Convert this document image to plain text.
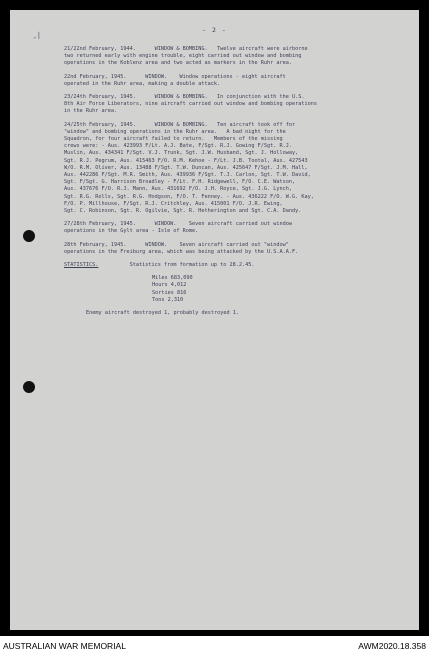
-/
- 2 -

21/22nd February, 1944.      WINDOW & BOMBING.   Twelve aircraft were airborne

two returned early with engine trouble, eight carried out window and bombing

operations in the Koblenz area and two acted as markers in the Ruhr area.

22nd February, 1945.      WINDOW.    Window operations - eight aircraft

operated in the Ruhr area, making a double attack.

23/24th February, 1945.      WINDOW & BOMBING.   In conjunction with the U.S.

8th Air Force Liberators, nine aircraft carried out window and bombing operations

in the Ruhr area.

24/25th February, 1945.      WINDOW & BOMBING.   Ten aircraft took off for

"window" and bombing operations in the Ruhr area.   A bad night for the

Squadron, for four aircraft failed to return.   Members of the missing

crews were: - Aus. 423993 F/Lt. A.J. Bate, F/Sgt. R.J. Gowing F/Sgt. R.J.

Muslin, Aus. 434341 F/Sgt. V.J. Trunk, Sgt. J.W. Husband, Sgt. J. Holloway,

Sgt. R.J. Pegrum, Aus. 415463 F/O. R.M. Kehoe - F/Lt. J.B. Tootal, Aus. 427543

W/O. R.M. Oliver, Aus. 13488 F/Sgt. T.W. Duncan, Aus. 425647 F/Sgt. J.M. Hall,

Aus. 442286 F/Sgt. M.R. Smith, Aus. 439936 F/Sgt. T.J. Carlon, Sgt. T.W. David,

Sgt. F/Sgt. G. Harrison Broadley - F/Lt. F.H. Ridgewell, F/O. C.E. Watson,

Aus. 437676 F/O. R.J. Mann, Aus. 431692 F/O. J.H. Royce, Sgt. J.G. Lynch,

Sgt. R.G. Rolls, Sgt. R.G. Hodgson, F/O. T. Fenney. - Aus. 436222 F/O. W.G. Kay,

F/O. P. Millhouse, F/Sgt. R.J. Critchley, Aus. 415001 F/O. J.R. Ewing,

Sgt. C. Robinson, Sgt. R. Ogilvie, Sgt. R. Hetherington and Sgt. C.A. Dandy.

27/28th February, 1945.      WINDOW.    Seven aircraft carried out window

operations in the Gylt area - Isle of Rome.

28th February, 1945.      WINDOW.    Seven aircraft carried out "window"

operations in the Freiburg area, which was being attacked by the U.S.A.A.F.

STATISTICS.	Statistics from formation up to 28.2.45.

Miles 683,090

Hours 4,012

Sorties 816

Tons 2,310

Enemy aircraft destroyed 1, probably destroyed 1.

AUSTRALIAN WAR MEMORIAL	AWM2020.18.358
